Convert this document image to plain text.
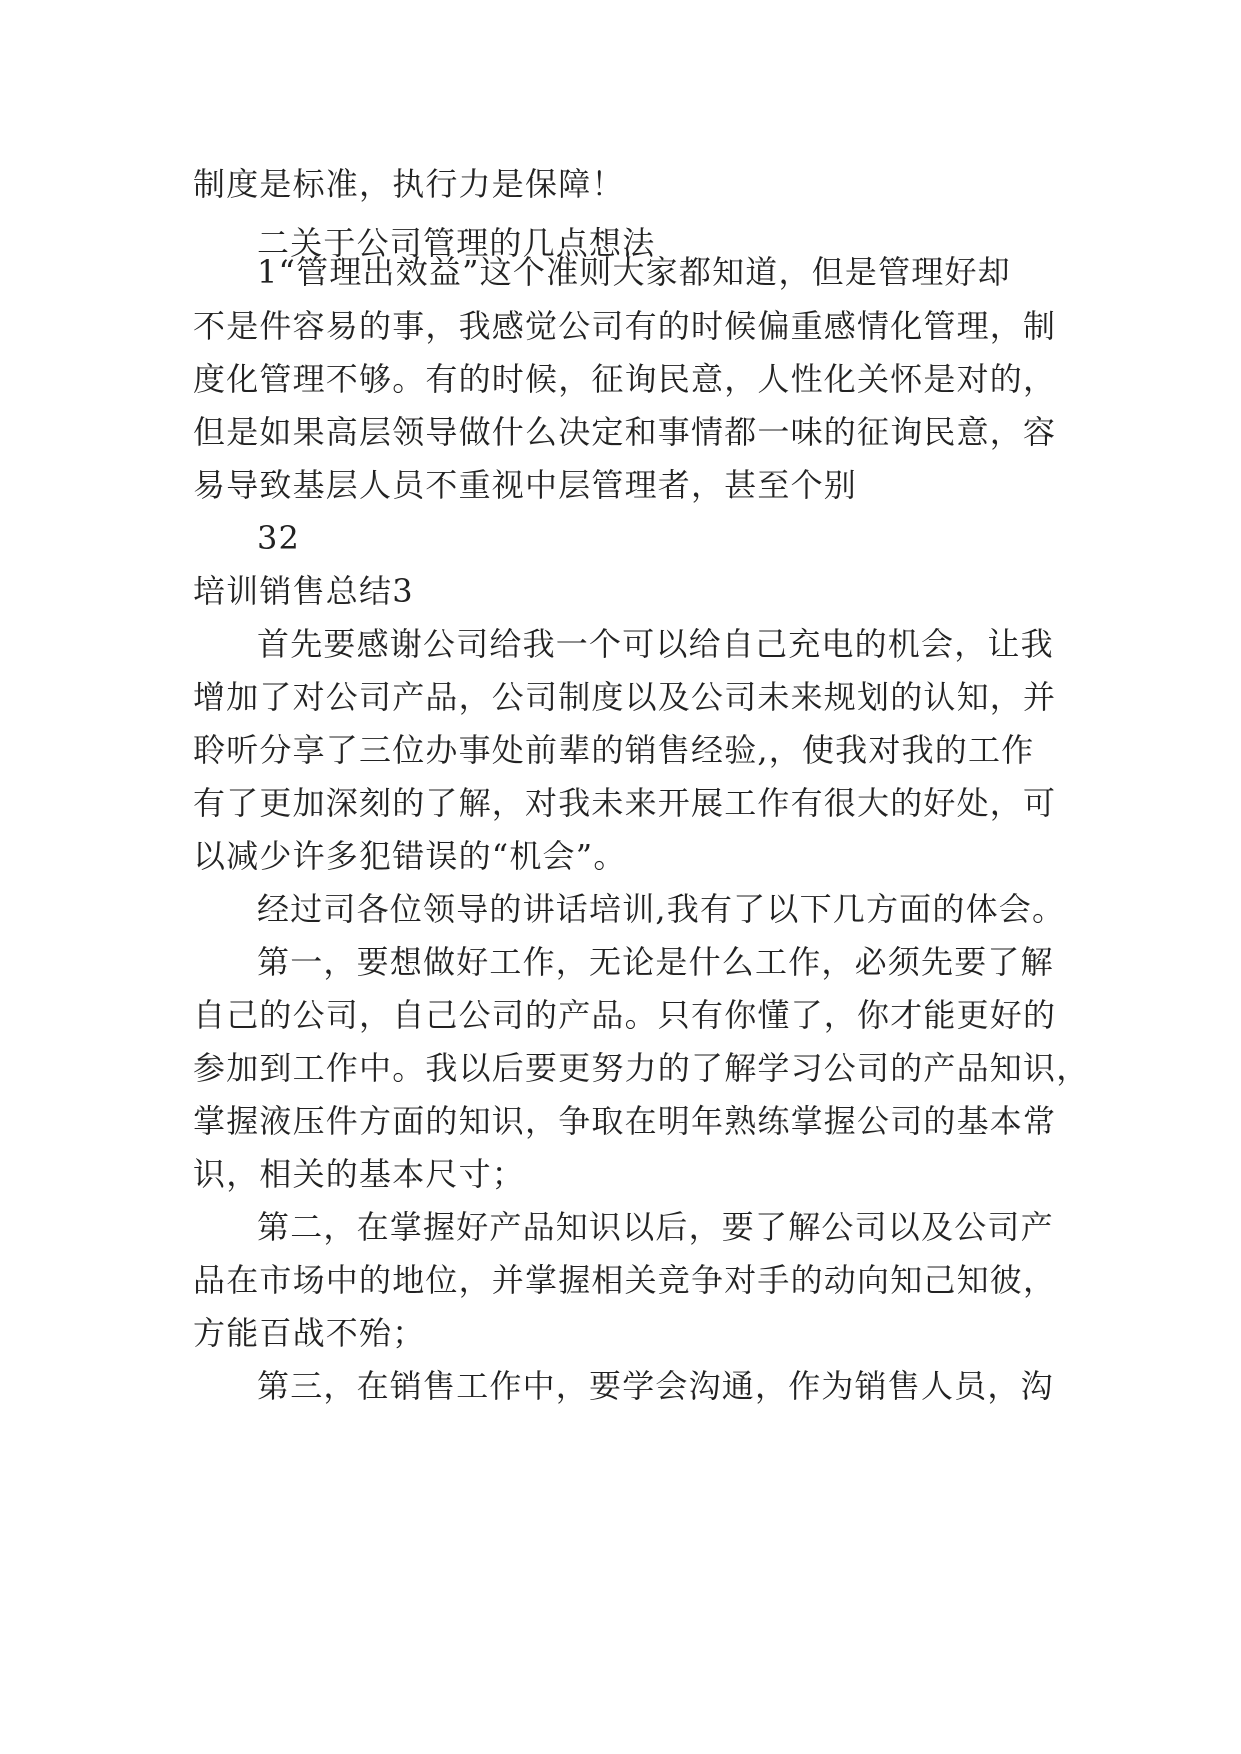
制度是标准，执行力是保障！
二关于公司管理的几点想法
1“管理出效益”这个准则大家都知道，但是管理好却
不是件容易的事，我感觉公司有的时候偏重感情化管理，制
度化管理不够。有的时候，征询民意，人性化关怀是对的，
但是如果高层领导做什么决定和事情都一味的征询民意，容
易导致基层人员不重视中层管理者，甚至个别
32
培训销售总结3
首先要感谢公司给我一个可以给自己充电的机会，让我
增加了对公司产品，公司制度以及公司未来规划的认知，并
聆听分享了三位办事处前辈的销售经验,，使我对我的工作
有了更加深刻的了解，对我未来开展工作有很大的好处，可
以减少许多犯错误的“机会”。
经过司各位领导的讲话培训,我有了以下几方面的体会。
第一，要想做好工作，无论是什么工作，必须先要了解
自己的公司，自己公司的产品。只有你懂了，你才能更好的
参加到工作中。我以后要更努力的了解学习公司的产品知识，
掌握液压件方面的知识，争取在明年熟练掌握公司的基本常
识，相关的基本尺寸；
第二，在掌握好产品知识以后，要了解公司以及公司产
品在市场中的地位，并掌握相关竞争对手的动向知己知彼，
方能百战不殆；
第三，在销售工作中，要学会沟通，作为销售人员，沟
